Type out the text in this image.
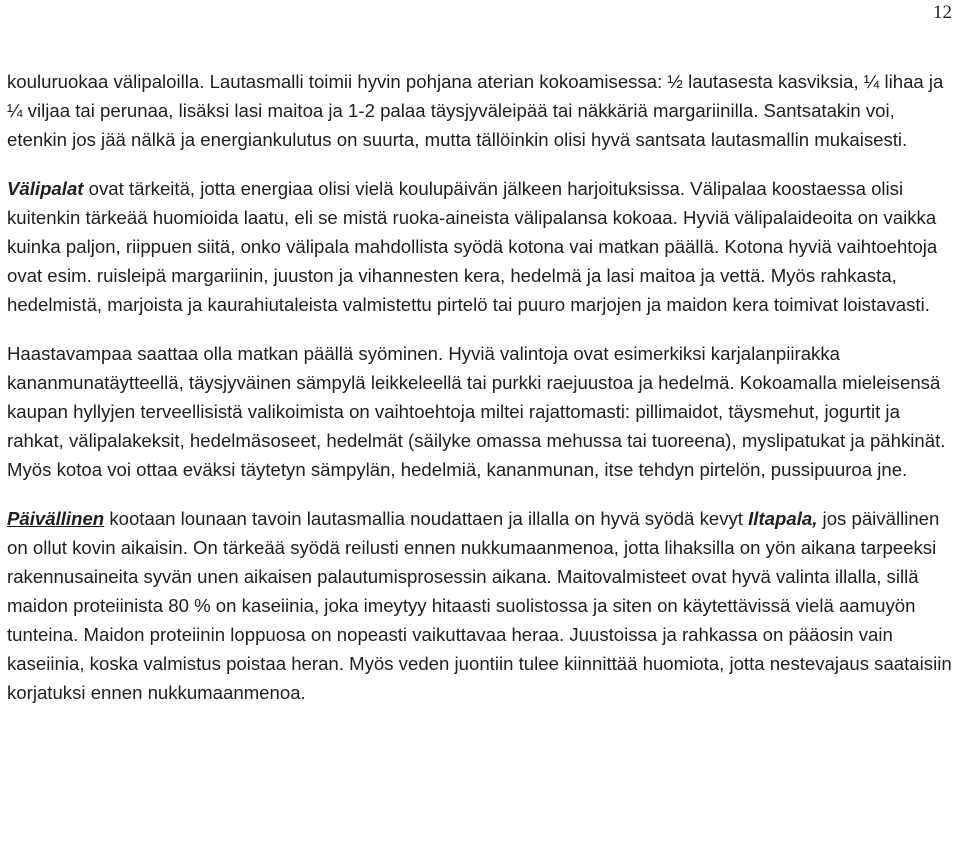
12

kouluruokaa välipaloilla. Lautasmalli toimii hyvin pohjana aterian kokoamisessa: ½ lautasesta kasviksia, ¼ lihaa ja ¼ viljaa tai perunaa, lisäksi lasi maitoa ja 1-2 palaa täysjyväleipää tai näkkäriä margariinilla. Santsatakin voi, etenkin jos jää nälkä ja energiankulutus on suurta, mutta tällöinkin olisi hyvä santsata lautasmallin mukaisesti.

Välipalat ovat tärkeitä, jotta energiaa olisi vielä koulupäivän jälkeen harjoituksissa. Välipalaa koostaessa olisi kuitenkin tärkeää huomioida laatu, eli se mistä ruoka-aineista välipalansa kokoaa. Hyviä välipalaideoita on vaikka kuinka paljon, riippuen siitä, onko välipala mahdollista syödä kotona vai matkan päällä. Kotona hyviä vaihtoehtoja ovat esim. ruisleipä margariinin, juuston ja vihannesten kera, hedelmä ja lasi maitoa ja vettä. Myös rahkasta, hedelmistä, marjoista ja kaurahiutaleista valmistettu pirtelö tai puuro marjojen ja maidon kera toimivat loistavasti.

Haastavampaa saattaa olla matkan päällä syöminen. Hyviä valintoja ovat esimerkiksi karjalanpiirakka kananmunatäytteellä, täysjyväinen sämpylä leikkeleellä tai purkki raejuustoa ja hedelmä. Kokoamalla mieleisensä kaupan hyllyjen terveellisistä valikoimista on vaihtoehtoja miltei rajattomasti: pillimaidot, täysmehut, jogurtit ja rahkat, välipalakeksit, hedelmäsoseet, hedelmät (säilyke omassa mehussa tai tuoreena), myslipatukat ja pähkinät. Myös kotoa voi ottaa eväksi täytetyn sämpylän, hedelmiä, kananmunan, itse tehdyn pirtelön, pussipuuroa jne.

Päivällinen kootaan lounaan tavoin lautasmallia noudattaen ja illalla on hyvä syödä kevyt Iltapala, jos päivällinen on ollut kovin aikaisin. On tärkeää syödä reilusti ennen nukkumaanmenoa, jotta lihaksilla on yön aikana tarpeeksi rakennusaineita syvän unen aikaisen palautumisprosessin aikana. Maitovalmisteet ovat hyvä valinta illalla, sillä maidon proteiinista 80 % on kaseiinia, joka imeytyy hitaasti suolistossa ja siten on käytettävissä vielä aamuyön tunteina. Maidon proteiinin loppuosa on nopeasti vaikuttavaa heraa. Juustoissa ja rahkassa on pääosin vain kaseiinia, koska valmistus poistaa heran. Myös veden juontiin tulee kiinnittää huomiota, jotta nestevajaus saataisiin korjatuksi ennen nukkumaanmenoa.
